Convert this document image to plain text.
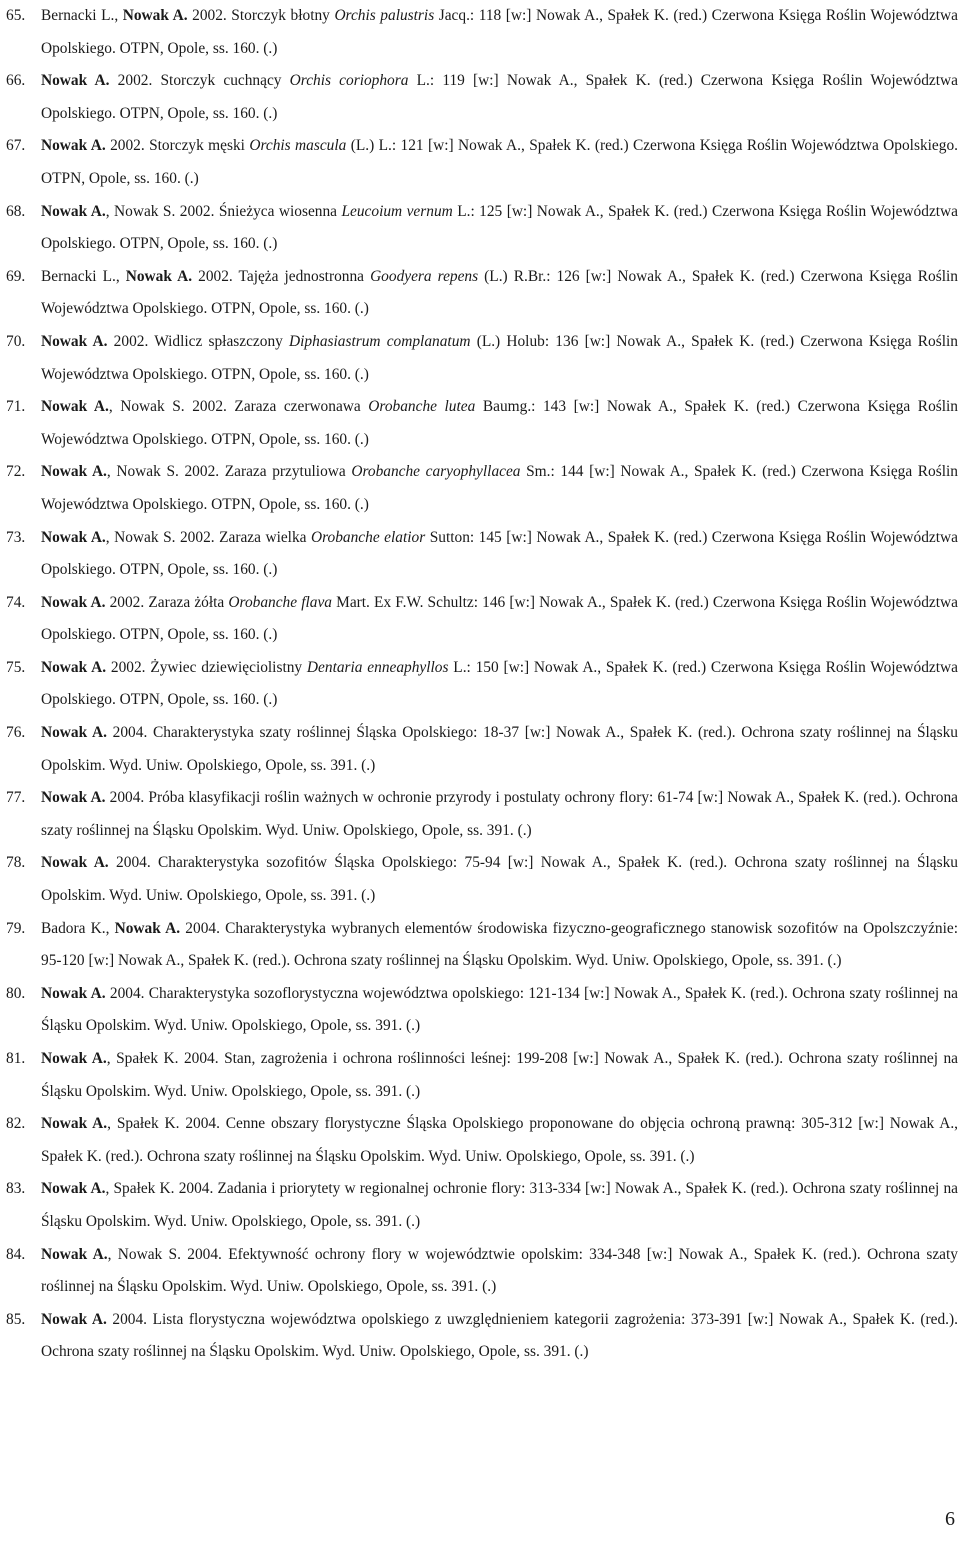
65. Bernacki L., Nowak A. 2002. Storczyk błotny Orchis palustris Jacq.: 118 [w:] Nowak A., Spałek K. (red.) Czerwona Księga Roślin Województwa Opolskiego. OTPN, Opole, ss. 160. (.)
66. Nowak A. 2002. Storczyk cuchnący Orchis coriophora L.: 119 [w:] Nowak A., Spałek K. (red.) Czerwona Księga Roślin Województwa Opolskiego. OTPN, Opole, ss. 160. (.)
67. Nowak A. 2002. Storczyk męski Orchis mascula (L.) L.: 121 [w:] Nowak A., Spałek K. (red.) Czerwona Księga Roślin Województwa Opolskiego. OTPN, Opole, ss. 160. (.)
68. Nowak A., Nowak S. 2002. Śnieżyca wiosenna Leucoium vernum L.: 125 [w:] Nowak A., Spałek K. (red.) Czerwona Księga Roślin Województwa Opolskiego. OTPN, Opole, ss. 160. (.)
69. Bernacki L., Nowak A. 2002. Tajęża jednostronna Goodyera repens (L.) R.Br.: 126 [w:] Nowak A., Spałek K. (red.) Czerwona Księga Roślin Województwa Opolskiego. OTPN, Opole, ss. 160. (.)
70. Nowak A. 2002. Widlicz spłaszczony Diphasiastrum complanatum (L.) Holub: 136 [w:] Nowak A., Spałek K. (red.) Czerwona Księga Roślin Województwa Opolskiego. OTPN, Opole, ss. 160. (.)
71. Nowak A., Nowak S. 2002. Zaraza czerwonawa Orobanche lutea Baumg.: 143 [w:] Nowak A., Spałek K. (red.) Czerwona Księga Roślin Województwa Opolskiego. OTPN, Opole, ss. 160. (.)
72. Nowak A., Nowak S. 2002. Zaraza przytuliowa Orobanche caryophyllacea Sm.: 144 [w:] Nowak A., Spałek K. (red.) Czerwona Księga Roślin Województwa Opolskiego. OTPN, Opole, ss. 160. (.)
73. Nowak A., Nowak S. 2002. Zaraza wielka Orobanche elatior Sutton: 145 [w:] Nowak A., Spałek K. (red.) Czerwona Księga Roślin Województwa Opolskiego. OTPN, Opole, ss. 160. (.)
74. Nowak A. 2002. Zaraza żółta Orobanche flava Mart. Ex F.W. Schultz: 146 [w:] Nowak A., Spałek K. (red.) Czerwona Księga Roślin Województwa Opolskiego. OTPN, Opole, ss. 160. (.)
75. Nowak A. 2002. Żywiec dziewięciolistny Dentaria enneaphyllos L.: 150 [w:] Nowak A., Spałek K. (red.) Czerwona Księga Roślin Województwa Opolskiego. OTPN, Opole, ss. 160. (.)
76. Nowak A. 2004. Charakterystyka szaty roślinnej Śląska Opolskiego: 18-37 [w:] Nowak A., Spałek K. (red.). Ochrona szaty roślinnej na Śląsku Opolskim. Wyd. Uniw. Opolskiego, Opole, ss. 391. (.)
77. Nowak A. 2004. Próba klasyfikacji roślin ważnych w ochronie przyrody i postulaty ochrony flory: 61-74 [w:] Nowak A., Spałek K. (red.). Ochrona szaty roślinnej na Śląsku Opolskim. Wyd. Uniw. Opolskiego, Opole, ss. 391. (.)
78. Nowak A. 2004. Charakterystyka sozofitów Śląska Opolskiego: 75-94 [w:] Nowak A., Spałek K. (red.). Ochrona szaty roślinnej na Śląsku Opolskim. Wyd. Uniw. Opolskiego, Opole, ss. 391. (.)
79. Badora K., Nowak A. 2004. Charakterystyka wybranych elementów środowiska fizyczno-geograficznego stanowisk sozofitów na Opolszczyźnie: 95-120 [w:] Nowak A., Spałek K. (red.). Ochrona szaty roślinnej na Śląsku Opolskim. Wyd. Uniw. Opolskiego, Opole, ss. 391. (.)
80. Nowak A. 2004. Charakterystyka sozoflorystyczna województwa opolskiego: 121-134 [w:] Nowak A., Spałek K. (red.). Ochrona szaty roślinnej na Śląsku Opolskim. Wyd. Uniw. Opolskiego, Opole, ss. 391. (.)
81. Nowak A., Spałek K. 2004. Stan, zagrożenia i ochrona roślinności leśnej: 199-208 [w:] Nowak A., Spałek K. (red.). Ochrona szaty roślinnej na Śląsku Opolskim. Wyd. Uniw. Opolskiego, Opole, ss. 391. (.)
82. Nowak A., Spałek K. 2004. Cenne obszary florystyczne Śląska Opolskiego proponowane do objęcia ochroną prawną: 305-312 [w:] Nowak A., Spałek K. (red.). Ochrona szaty roślinnej na Śląsku Opolskim. Wyd. Uniw. Opolskiego, Opole, ss. 391. (.)
83. Nowak A., Spałek K. 2004. Zadania i priorytety w regionalnej ochronie flory: 313-334 [w:] Nowak A., Spałek K. (red.). Ochrona szaty roślinnej na Śląsku Opolskim. Wyd. Uniw. Opolskiego, Opole, ss. 391. (.)
84. Nowak A., Nowak S. 2004. Efektywność ochrony flory w województwie opolskim: 334-348 [w:] Nowak A., Spałek K. (red.). Ochrona szaty roślinnej na Śląsku Opolskim. Wyd. Uniw. Opolskiego, Opole, ss. 391. (.)
85. Nowak A. 2004. Lista florystyczna województwa opolskiego z uwzględnieniem kategorii zagrożenia: 373-391 [w:] Nowak A., Spałek K. (red.). Ochrona szaty roślinnej na Śląsku Opolskim. Wyd. Uniw. Opolskiego, Opole, ss. 391. (.)
6
